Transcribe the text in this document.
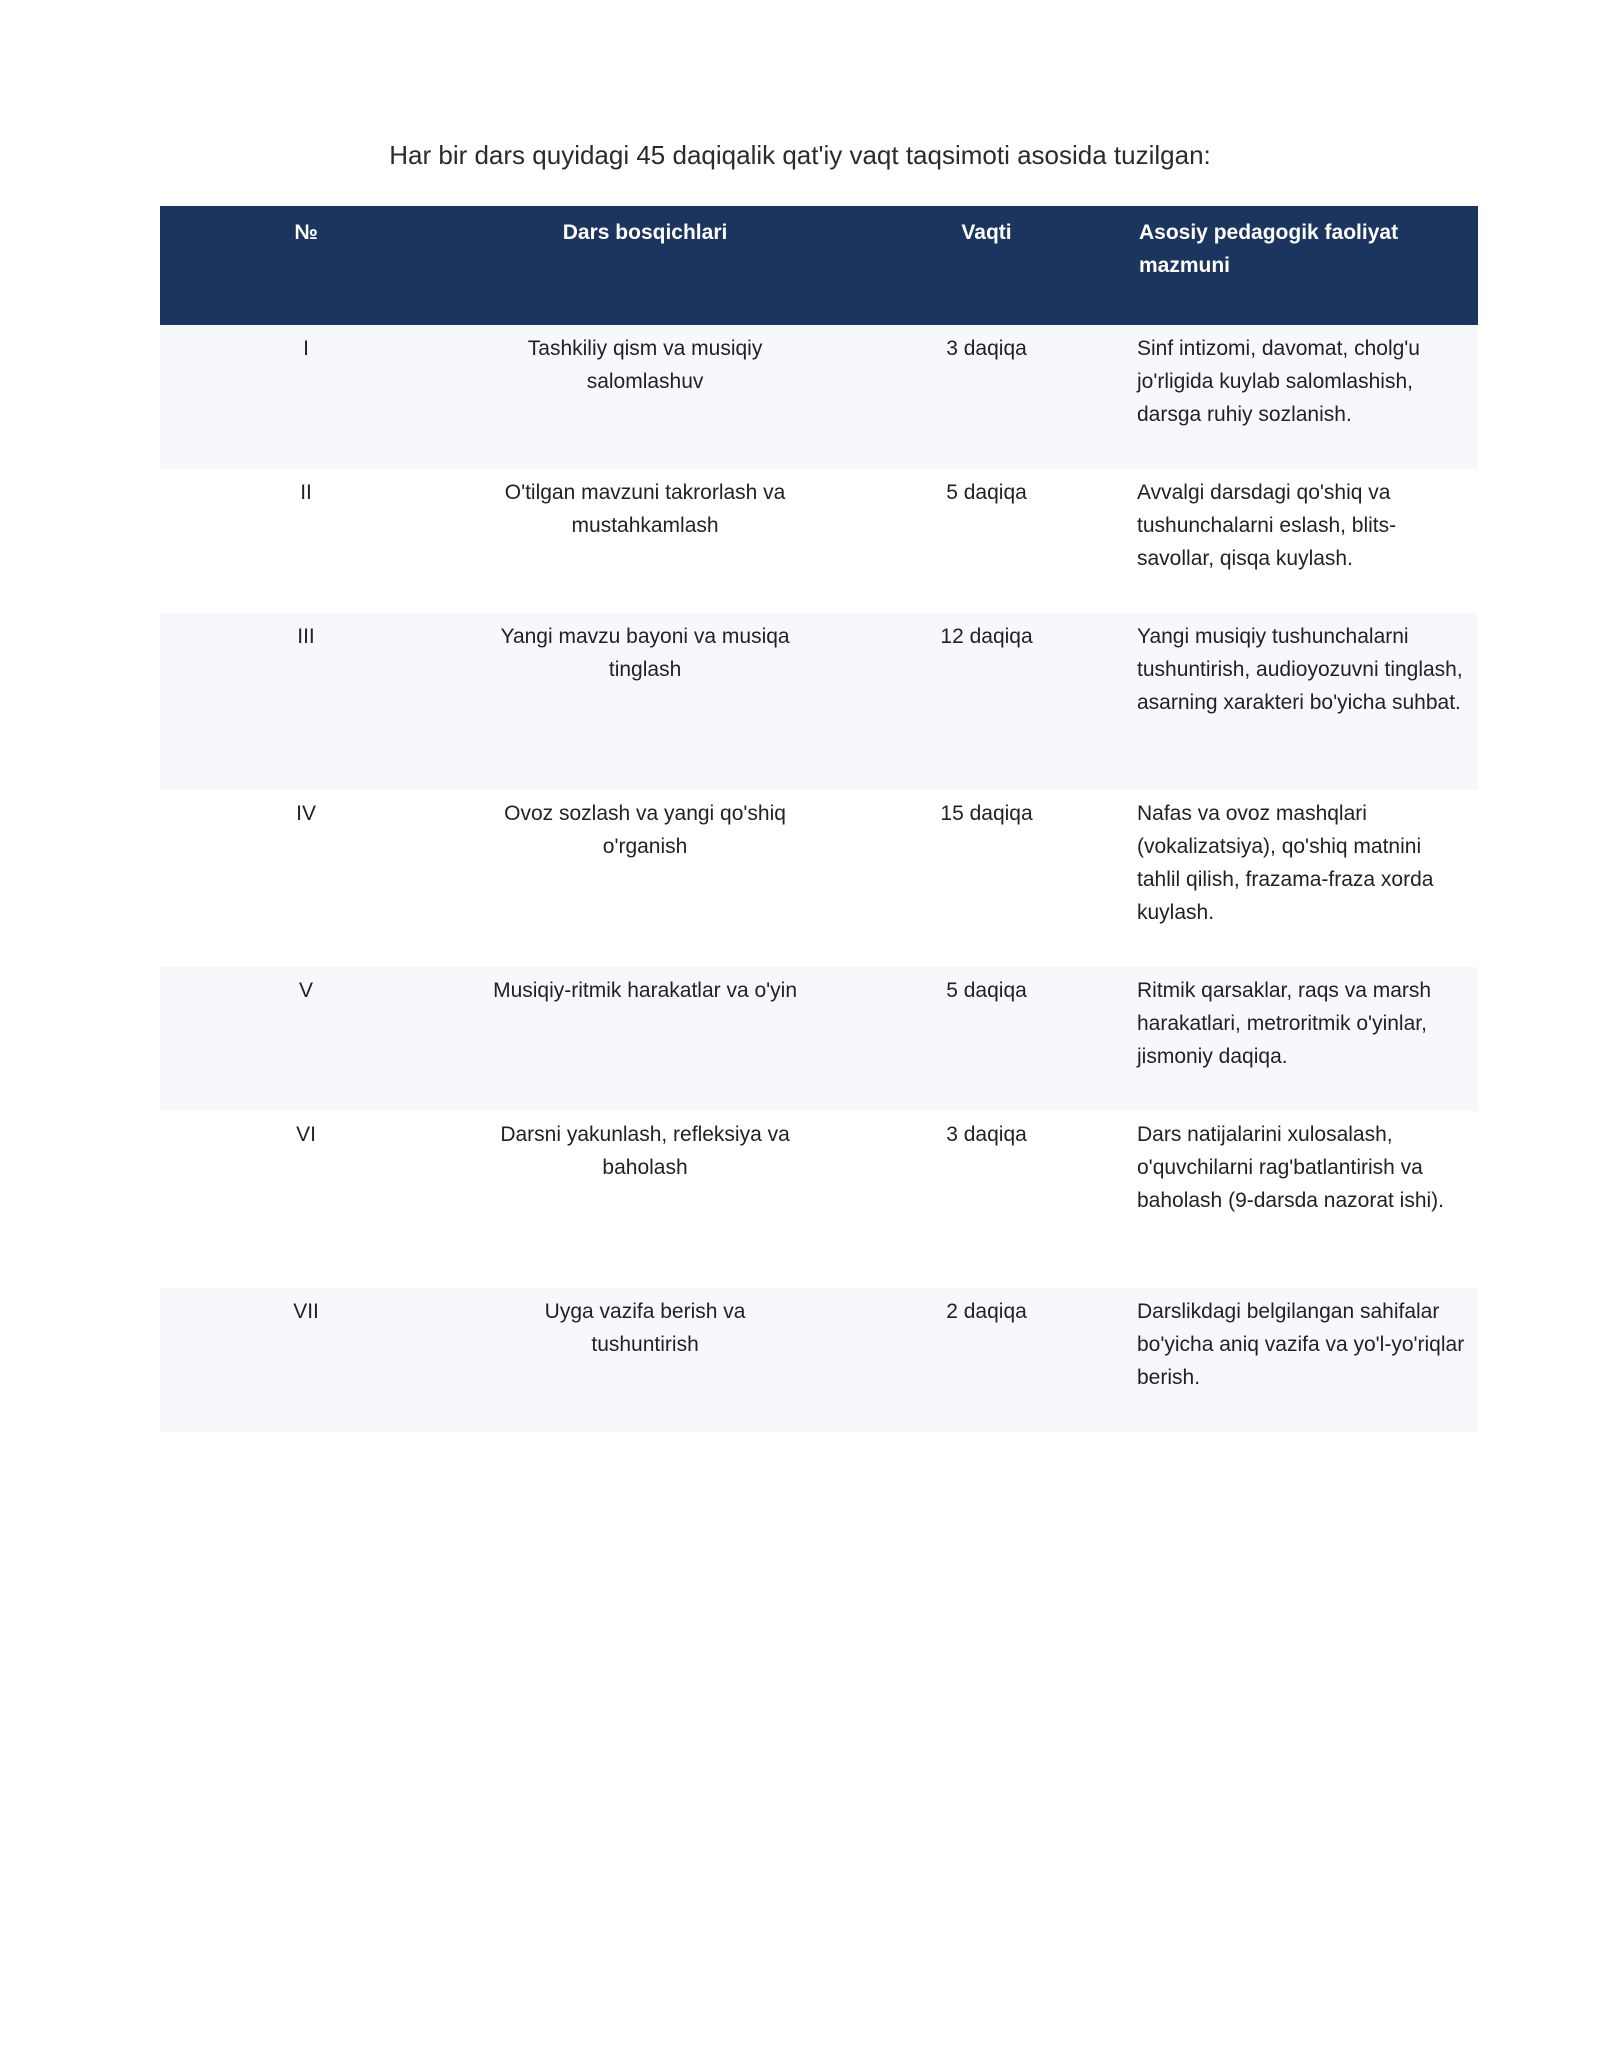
Har bir dars quyidagi 45 daqiqalik qat'iy vaqt taqsimoti asosida tuzilgan:
№	Dars bosqichlari	Vaqti	Asosiy pedagogik faoliyat mazmuni
I	Tashkiliy qism va musiqiy salomlashuv	3 daqiqa	Sinf intizomi, davomat, cholg'u jo'rligida kuylab salomlashish, darsga ruhiy sozlanish.
II	O'tilgan mavzuni takrorlash va mustahkamlash	5 daqiqa	Avvalgi darsdagi qo'shiq va tushunchalarni eslash, blits-savollar, qisqa kuylash.
III	Yangi mavzu bayoni va musiqa tinglash	12 daqiqa	Yangi musiqiy tushunchalarni tushuntirish, audioyozuvni tinglash, asarning xarakteri bo'yicha suhbat.
IV	Ovoz sozlash va yangi qo'shiq o'rganish	15 daqiqa	Nafas va ovoz mashqlari (vokalizatsiya), qo'shiq matnini tahlil qilish, frazama-fraza xorda kuylash.
V	Musiqiy-ritmik harakatlar va o'yin	5 daqiqa	Ritmik qarsaklar, raqs va marsh harakatlari, metroritmik o'yinlar, jismoniy daqiqa.
VI	Darsni yakunlash, refleksiya va baholash	3 daqiqa	Dars natijalarini xulosalash, o'quvchilarni rag'batlantirish va baholash (9-darsda nazorat ishi).
VII	Uyga vazifa berish va tushuntirish	2 daqiqa	Darslikdagi belgilangan sahifalar bo'yicha aniq vazifa va yo'l-yo'riqlar berish.
